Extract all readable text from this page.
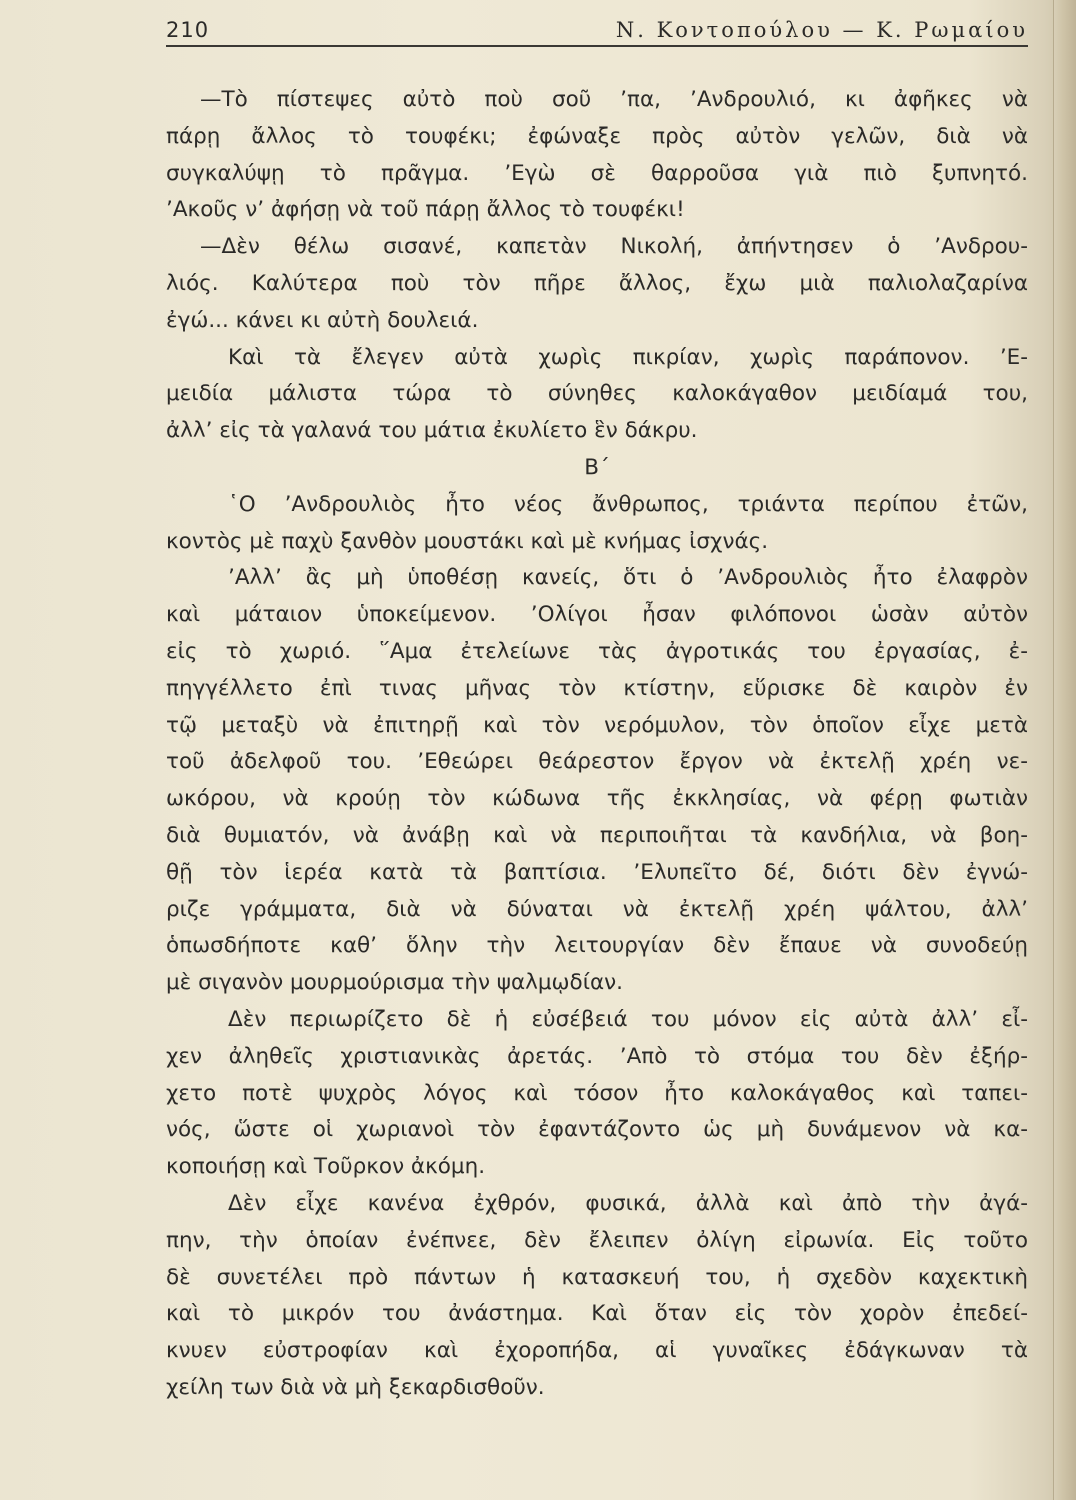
210	Ν. Κοντοπούλου — Κ. Ρωμαίου
—Τὸ πίστεψες αὐτὸ ποὺ σοῦ ’πα, ’Ανδρουλιό, κι ἀφῆκες νὰ
πάρῃ ἄλλος τὸ τουφέκι; ἐφώναξε πρὸς αὐτὸν γελῶν, διὰ νὰ
συγκαλύψῃ τὸ πρᾶγμα. ’Εγὼ σὲ θαρροῦσα γιὰ πιὸ ξυπνητό.
’Ακοῦς ν’ ἀφήσῃ νὰ τοῦ πάρῃ ἄλλος τὸ τουφέκι!
—Δὲν θέλω σισανέ, καπετὰν Νικολή, ἀπήντησεν ὁ ’Ανδρου-
λιός. Καλύτερα ποὺ τὸν πῆρε ἄλλος, ἔχω μιὰ παλιολαζαρίνα
ἐγώ... κάνει κι αὐτὴ δουλειά.
Καὶ τὰ ἔλεγεν αὐτὰ χωρὶς πικρίαν, χωρὶς παράπονον. ’Ε-
μειδία μάλιστα τώρα τὸ σύνηθες καλοκάγαθον μειδίαμά του,
ἀλλ’ εἰς τὰ γαλανά του μάτια ἐκυλίετο ἓν δάκρυ.
Β΄
῾Ο ’Ανδρουλιὸς ἦτο νέος ἄνθρωπος, τριάντα περίπου ἐτῶν,
κοντὸς μὲ παχὺ ξανθὸν μουστάκι καὶ μὲ κνήμας ἰσχνάς.
’Αλλ’ ἂς μὴ ὑποθέσῃ κανείς, ὅτι ὁ ’Ανδρουλιὸς ἦτο ἐλαφρὸν
καὶ μάταιον ὑποκείμενον. ’Ολίγοι ἦσαν φιλόπονοι ὡσὰν αὐτὸν
εἰς τὸ χωριό. ῞Αμα ἐτελείωνε τὰς ἀγροτικάς του ἐργασίας, ἐ-
πηγγέλλετο ἐπὶ τινας μῆνας τὸν κτίστην, εὕρισκε δὲ καιρὸν ἐν
τῷ μεταξὺ νὰ ἐπιτηρῇ καὶ τὸν νερόμυλον, τὸν ὁποῖον εἶχε μετὰ
τοῦ ἀδελφοῦ του. ’Εθεώρει θεάρεστον ἔργον νὰ ἐκτελῇ χρέη νε-
ωκόρου, νὰ κρούῃ τὸν κώδωνα τῆς ἐκκλησίας, νὰ φέρῃ φωτιὰν
διὰ θυμιατόν, νὰ ἀνάβῃ καὶ νὰ περιποιῆται τὰ κανδήλια, νὰ βοη-
θῇ τὸν ἱερέα κατὰ τὰ βαπτίσια. ’Ελυπεῖτο δέ, διότι δὲν ἐγνώ-
ριζε γράμματα, διὰ νὰ δύναται νὰ ἐκτελῇ χρέη ψάλτου, ἀλλ’
ὁπωσδήποτε καθ’ ὅλην τὴν λειτουργίαν δὲν ἔπαυε νὰ συνοδεύῃ
μὲ σιγανὸν μουρμούρισμα τὴν ψαλμῳδίαν.
Δὲν περιωρίζετο δὲ ἡ εὐσέβειά του μόνον εἰς αὐτὰ ἀλλ’ εἶ-
χεν ἀληθεῖς χριστιανικὰς ἀρετάς. ’Απὸ τὸ στόμα του δὲν ἐξήρ-
χετο ποτὲ ψυχρὸς λόγος καὶ τόσον ἦτο καλοκάγαθος καὶ ταπει-
νός, ὥστε οἱ χωριανοὶ τὸν ἐφαντάζοντο ὡς μὴ δυνάμενον νὰ κα-
κοποιήσῃ καὶ Τοῦρκον ἀκόμη.
Δὲν εἶχε κανένα ἐχθρόν, φυσικά, ἀλλὰ καὶ ἀπὸ τὴν ἀγά-
πην, τὴν ὁποίαν ἐνέπνεε, δὲν ἔλειπεν ὀλίγη εἰρωνία. Εἰς τοῦτο
δὲ συνετέλει πρὸ πάντων ἡ κατασκευή του, ἡ σχεδὸν καχεκτικὴ
καὶ τὸ μικρόν του ἀνάστημα. Καὶ ὅταν εἰς τὸν χορὸν ἐπεδεί-
κνυεν εὐστροφίαν καὶ ἐχοροπήδα, αἱ γυναῖκες ἐδάγκωναν τὰ
χείλη των διὰ νὰ μὴ ξεκαρδισθοῦν.
